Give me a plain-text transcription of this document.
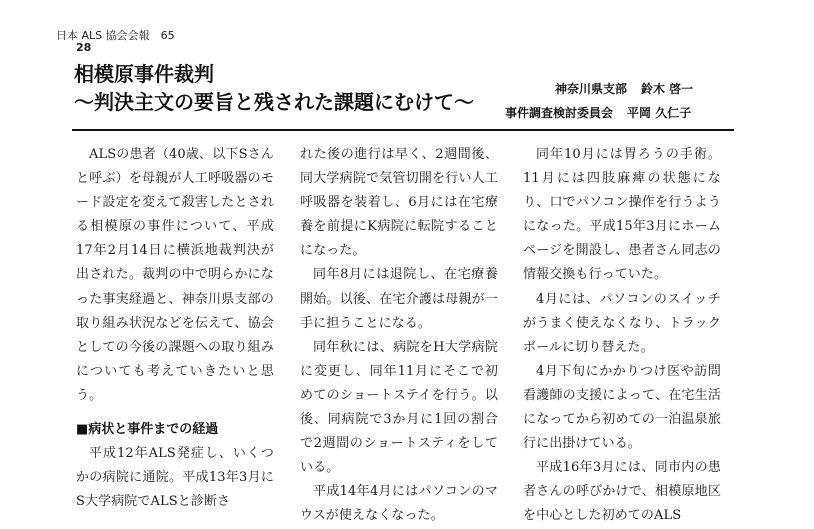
日本 ALS 協会会報　65
28
相模原事件裁判
～判決主文の要旨と残された課題にむけて～
神奈川県支部 鈴木 啓一
事件調査検討委員会 平岡 久仁子

ALSの患者（40歳、以下Sさんと呼ぶ）を母親が人工呼吸器のモード設定を変えて殺害したとされる相模原の事件について、平成17年2月14日に横浜地裁判決が出された。裁判の中で明らかになった事実経過と、神奈川県支部の取り組み状況などを伝えて、協会としての今後の課題への取り組みについても考えていきたいと思う。

■病状と事件までの経過

平成12年ALS発症し、いくつかの病院に通院。平成13年3月にS大学病院でALSと診断さ

れた後の進行は早く、2週間後、同大学病院で気管切開を行い人工呼吸器を装着し、6月には在宅療養を前提にK病院に転院することになった。

同年8月には退院し、在宅療養開始。以後、在宅介護は母親が一手に担うことになる。

同年秋には、病院をH大学病院に変更し、同年11月にそこで初めてのショートステイを行う。以後、同病院で3か月に1回の割合で2週間のショートスティをしている。

平成14年4月にはパソコンのマウスが使えなくなった。

同年10月には胃ろうの手術。11月には四肢麻痺の状態になり、口でパソコン操作を行うようになった。平成15年3月にホームページを開設し、患者さん同志の情報交換も行っていた。

4月には、パソコンのスイッチがうまく使えなくなり、トラックボールに切り替えた。

4月下旬にかかりつけ医や訪問看護師の支援によって、在宅生活になってから初めての一泊温泉旅行に出掛けている。

平成16年3月には、同市内の患者さんの呼びかけで、相模原地区を中心とした初めてのALS
